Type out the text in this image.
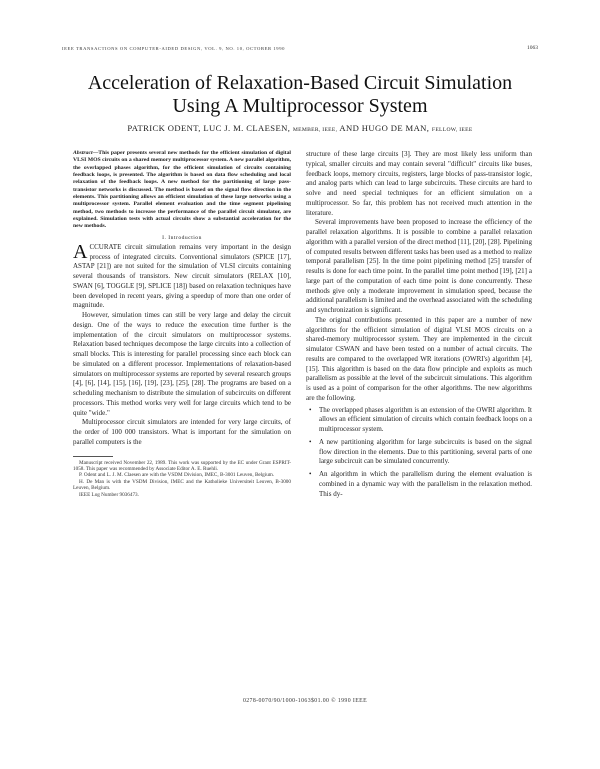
IEEE TRANSACTIONS ON COMPUTER-AIDED DESIGN, VOL. 9, NO. 10, OCTOBER 1990	1063
Acceleration of Relaxation-Based Circuit Simulation
Using A Multiprocessor System
PATRICK ODENT, LUC J. M. CLAESEN, MEMBER, IEEE, AND HUGO DE MAN, FELLOW, IEEE

Abstract—This paper presents several new methods for the efficient simulation of digital VLSI MOS circuits on a shared memory multiprocessor system. A new parallel algorithm, the overlapped phases algorithm, for the efficient simulation of circuits containing feedback loops, is presented. The algorithm is based on data flow scheduling and local relaxation of the feedback loops. A new method for the partitioning of large pass-transistor networks is discussed. The method is based on the signal flow direction in the elements. This partitioning allows an efficient simulation of these large networks using a multiprocessor system. Parallel element evaluation and the time segment pipelining method, two methods to increase the performance of the parallel circuit simulator, are explained. Simulation tests with actual circuits show a substantial acceleration for the new methods.

I. Introduction

ACCURATE circuit simulation remains very important in the design process of integrated circuits. Conventional simulators (SPICE [17], ASTAP [21]) are not suited for the simulation of VLSI circuits containing several thousands of transistors. New circuit simulators (RELAX [10], SWAN [6], TOGGLE [9], SPLICE [18]) based on relaxation techniques have been developed in recent years, giving a speedup of more than one order of magnitude.

However, simulation times can still be very large and delay the circuit design. One of the ways to reduce the execution time further is the implementation of the circuit simulators on multiprocessor systems. Relaxation based techniques decompose the large circuits into a collection of small blocks. This is interesting for parallel processing since each block can be simulated on a different processor. Implementations of relaxation-based simulators on multiprocessor systems are reported by several research groups [4], [6], [14], [15], [16], [19], [23], [25], [28]. The programs are based on a scheduling mechanism to distribute the simulation of subcircuits on different processors. This method works very well for large circuits which tend to be quite "wide."

Multiprocessor circuit simulators are intended for very large circuits, of the order of 100 000 transistors. What is important for the simulation on parallel computers is the

Manuscript received November 22, 1989. This work was supported by the EC under Grant ESPRIT-1058. This paper was recommended by Associate Editor A. E. Ruehli.

P. Odent and L. J. M. Claesen are with the VSDM Division, IMEC, B-3001 Leuven, Belgium.

H. De Man is with the VSDM Division, IMEC and the Katholieke Universiteit Leuven, B-3000 Leuven, Belgium.

IEEE Log Number 9036473.

structure of these large circuits [3]. They are most likely less uniform than typical, smaller circuits and may contain several "difficult" circuits like buses, feedback loops, memory circuits, registers, large blocks of pass-transistor logic, and analog parts which can lead to large subcircuits. These circuits are hard to solve and need special techniques for an efficient simulation on a multiprocessor. So far, this problem has not received much attention in the literature.

Several improvements have been proposed to increase the efficiency of the parallel relaxation algorithms. It is possible to combine a parallel relaxation algorithm with a parallel version of the direct method [11], [20], [28]. Pipelining of computed results between different tasks has been used as a method to realize temporal parallelism [25]. In the time point pipelining method [25] transfer of results is done for each time point. In the parallel time point method [19], [21] a large part of the computation of each time point is done concurrently. These methods give only a moderate improvement in simulation speed, because the additional parallelism is limited and the overhead associated with the scheduling and synchronization is significant.

The original contributions presented in this paper are a number of new algorithms for the efficient simulation of digital VLSI MOS circuits on a shared-memory multiprocessor system. They are implemented in the circuit simulator CSWAN and have been tested on a number of actual circuits. The results are compared to the overlapped WR iterations (OWRI's) algorithm [4], [15]. This algorithm is based on the data flow principle and exploits as much parallelism as possible at the level of the subcircuit simulations. This algorithm is used as a point of comparison for the other algorithms. The new algorithms are the following.

• The overlapped phases algorithm is an extension of the OWRI algorithm. It allows an efficient simulation of circuits which contain feedback loops on a multiprocessor system.
• A new partitioning algorithm for large subcircuits is based on the signal flow direction in the elements. Due to this partitioning, several parts of one large subcircuit can be simulated concurrently.
• An algorithm in which the parallelism during the element evaluation is combined in a dynamic way with the parallelism in the relaxation method. This dy-
0278-0070/90/1000-1063$01.00 © 1990 IEEE
